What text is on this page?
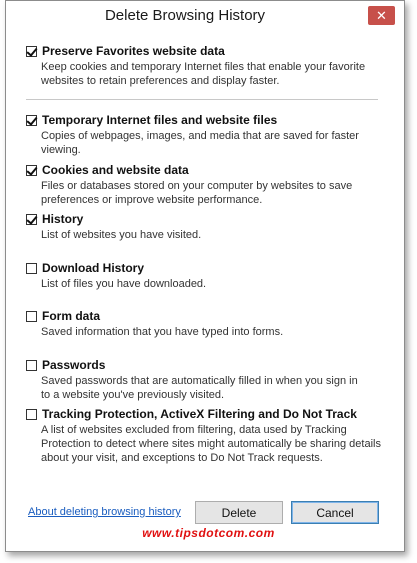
Delete Browsing History	✕
Preserve Favorites website data
Keep cookies and temporary Internet files that enable your favorite
websites to retain preferences and display faster.
Temporary Internet files and website files
Copies of webpages, images, and media that are saved for faster
viewing.
Cookies and website data
Files or databases stored on your computer by websites to save
preferences or improve website performance.
History
List of websites you have visited.
Download History
List of files you have downloaded.
Form data
Saved information that you have typed into forms.
Passwords
Saved passwords that are automatically filled in when you sign in
to a website you've previously visited.
Tracking Protection, ActiveX Filtering and Do Not Track
A list of websites excluded from filtering, data used by Tracking
Protection to detect where sites might automatically be sharing details
about your visit, and exceptions to Do Not Track requests.
About deleting browsing history	Delete	Cancel
www.tipsdotcom.com
